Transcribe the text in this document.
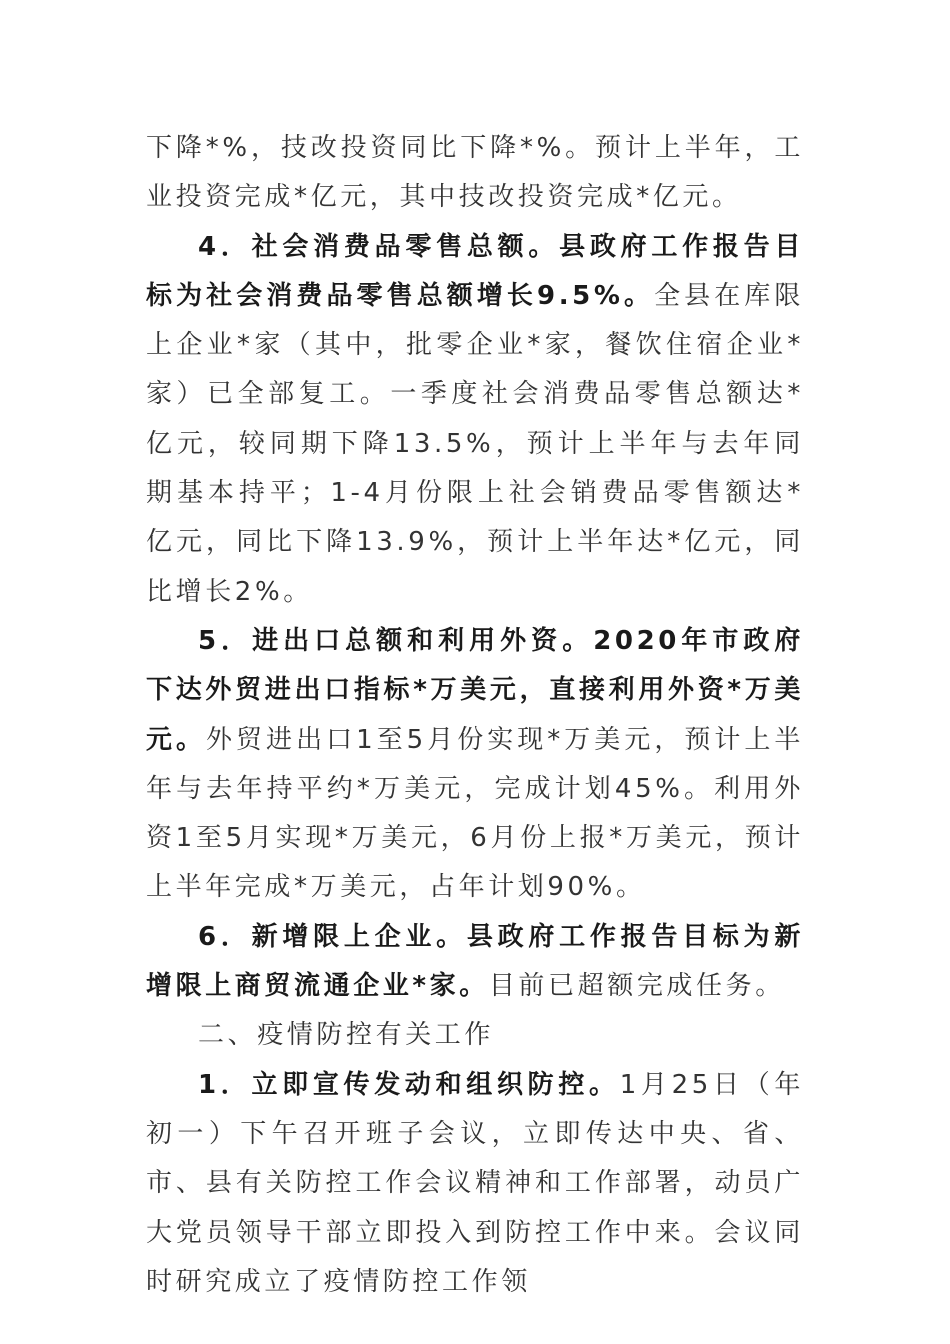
下降*%，技改投资同比下降*%。预计上半年，工业投资完成*亿元，其中技改投资完成*亿元。

4．社会消费品零售总额。县政府工作报告目标为社会消费品零售总额增长9.5%。全县在库限上企业*家（其中，批零企业*家，餐饮住宿企业*家）已全部复工。一季度社会消费品零售总额达*亿元，较同期下降13.5%，预计上半年与去年同期基本持平；1-4月份限上社会销费品零售额达*亿元，同比下降13.9%，预计上半年达*亿元，同比增长2%。

5．进出口总额和利用外资。2020年市政府下达外贸进出口指标*万美元，直接利用外资*万美元。外贸进出口1至5月份实现*万美元，预计上半年与去年持平约*万美元，完成计划45%。利用外资1至5月实现*万美元，6月份上报*万美元，预计上半年完成*万美元，占年计划90%。

6．新增限上企业。县政府工作报告目标为新增限上商贸流通企业*家。目前已超额完成任务。

二、疫情防控有关工作

1．立即宣传发动和组织防控。1月25日（年初一）下午召开班子会议，立即传达中央、省、市、县有关防控工作会议精神和工作部署，动员广大党员领导干部立即投入到防控工作中来。会议同时研究成立了疫情防控工作领
